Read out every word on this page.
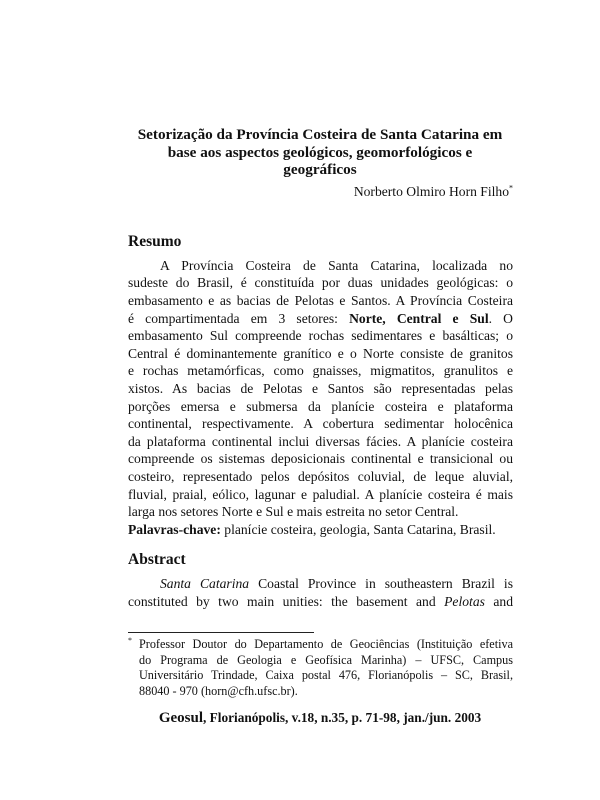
Setorização da Província Costeira de Santa Catarina em
base aos aspectos geológicos, geomorfológicos e
geográficos
Norberto Olmiro Horn Filho*
Resumo
A Província Costeira de Santa Catarina, localizada no
sudeste do Brasil, é constituída por duas unidades geológicas: o
embasamento e as bacias de Pelotas e Santos. A Província Costeira
é compartimentada em 3 setores: Norte, Central e Sul. O
embasamento Sul compreende rochas sedimentares e basálticas; o
Central é dominantemente granítico e o Norte consiste de granitos
e rochas metamórficas, como gnaisses, migmatitos, granulitos e
xistos. As bacias de Pelotas e Santos são representadas pelas
porções emersa e submersa da planície costeira e plataforma
continental, respectivamente. A cobertura sedimentar holocênica
da plataforma continental inclui diversas fácies. A planície costeira
compreende os sistemas deposicionais continental e transicional ou
costeiro, representado pelos depósitos coluvial, de leque aluvial,
fluvial, praial, eólico, lagunar e paludial. A planície costeira é mais
larga nos setores Norte e Sul e mais estreita no setor Central.
Palavras-chave: planície costeira, geologia, Santa Catarina, Brasil.
Abstract
Santa Catarina Coastal Province in southeastern Brazil is
constituted by two main unities: the basement and Pelotas and
* Professor Doutor do Departamento de Geociências (Instituição efetiva
do Programa de Geologia e Geofísica Marinha) – UFSC, Campus
Universitário Trindade, Caixa postal 476, Florianópolis – SC, Brasil,
88040 - 970 (horn@cfh.ufsc.br).
Geosul, Florianópolis, v.18, n.35, p. 71-98, jan./jun. 2003
